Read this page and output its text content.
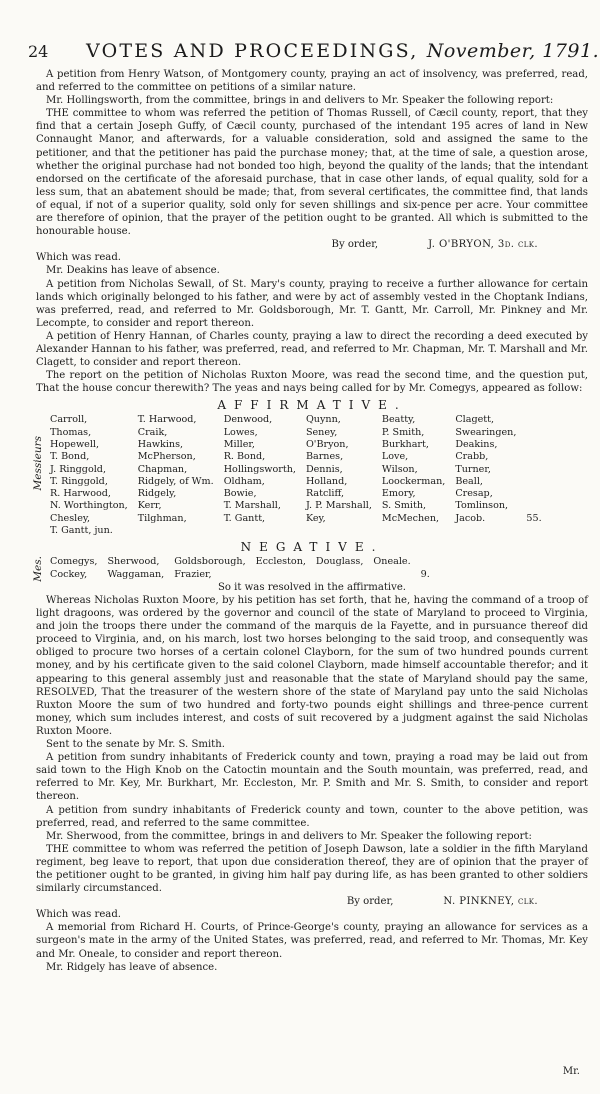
24 VOTES AND PROCEEDINGS, November, 1791.

A petition from Henry Watson, of Montgomery county, praying an act of insolvency, was preferred, read, and referred to the committee on petitions of a similar nature.

Mr. Hollingsworth, from the committee, brings in and delivers to Mr. Speaker the following report:

THE committee to whom was referred the petition of Thomas Russell, of Cæcil county, report, that they find that a certain Joseph Guffy, of Cæcil county, purchased of the intendant 195 acres of land in New Connaught Manor, and afterwards, for a valuable consideration, sold and assigned the same to the petitioner, and that the petitioner has paid the purchase money; that, at the time of sale, a question arose, whether the original purchase had not bonded too high, beyond the quality of the lands; that the intendant endorsed on the certificate of the aforesaid purchase, that in case other lands, of equal quality, sold for a less sum, that an abatement should be made; that, from several certificates, the committee find, that lands of equal, if not of a superior quality, sold only for seven shillings and six-pence per acre. Your committee are therefore of opinion, that the prayer of the petition ought to be granted. All which is submitted to the honourable house.

By order,	J. O'BRYON, 3d. clk.

Which was read.

Mr. Deakins has leave of absence.

A petition from Nicholas Sewall, of St. Mary's county, praying to receive a further allowance for certain lands which originally belonged to his father, and were by act of assembly vested in the Choptank Indians, was preferred, read, and referred to Mr. Goldsborough, Mr. T. Gantt, Mr. Carroll, Mr. Pinkney and Mr. Lecompte, to consider and report thereon.

A petition of Henry Hannan, of Charles county, praying a law to direct the recording a deed executed by Alexander Hannan to his father, was preferred, read, and referred to Mr. Chapman, Mr. T. Marshall and Mr. Clagett, to consider and report thereon.

The report on the petition of Nicholas Ruxton Moore, was read the second time, and the question put, That the house concur therewith? The yeas and nays being called for by Mr. Comegys, appeared as follow:

AFFIRMATIVE.
Messieurs
Carroll,	T. Harwood,	Denwood,	Quynn,	Beatty,	Clagett,	
Thomas,	Craik,	Lowes,	Seney,	P. Smith,	Swearingen,	
Hopewell,	Hawkins,	Miller,	O'Bryon,	Burkhart,	Deakins,	
T. Bond,	McPherson,	R. Bond,	Barnes,	Love,	Crabb,	
J. Ringgold,	Chapman,	Hollingsworth,	Dennis,	Wilson,	Turner,	
T. Ringgold,	Ridgely, of Wm.	Oldham,	Holland,	Loockerman,	Beall,	
R. Harwood,	Ridgely,	Bowie,	Ratcliff,	Emory,	Cresap,	
N. Worthington,	Kerr,	T. Marshall,	J. P. Marshall,	S. Smith,	Tomlinson,	
Chesley,	Tilghman,	T. Gantt,	Key,	McMechen,	Jacob.	55.
T. Gantt, jun.						
NEGATIVE.
Mes. Comegys,	Sherwood,	Goldsborough,	Eccleston,	Douglass,	Oneale.	
Cockey,	Waggaman,	Frazier,				9.

So it was resolved in the affirmative.

Whereas Nicholas Ruxton Moore, by his petition has set forth, that he, having the command of a troop of light dragoons, was ordered by the governor and council of the state of Maryland to proceed to Virginia, and join the troops there under the command of the marquis de la Fayette, and in pursuance thereof did proceed to Virginia, and, on his march, lost two horses belonging to the said troop, and consequently was obliged to procure two horses of a certain colonel Clayborn, for the sum of two hundred pounds current money, and by his certificate given to the said colonel Clayborn, made himself accountable therefor; and it appearing to this general assembly just and reasonable that the state of Maryland should pay the same, RESOLVED, That the treasurer of the western shore of the state of Maryland pay unto the said Nicholas Ruxton Moore the sum of two hundred and forty-two pounds eight shillings and three-pence current money, which sum includes interest, and costs of suit recovered by a judgment against the said Nicholas Ruxton Moore.

Sent to the senate by Mr. S. Smith.

A petition from sundry inhabitants of Frederick county and town, praying a road may be laid out from said town to the High Knob on the Catoctin mountain and the South mountain, was preferred, read, and referred to Mr. Key, Mr. Burkhart, Mr. Eccleston, Mr. P. Smith and Mr. S. Smith, to consider and report thereon.

A petition from sundry inhabitants of Frederick county and town, counter to the above petition, was preferred, read, and referred to the same committee.

Mr. Sherwood, from the committee, brings in and delivers to Mr. Speaker the following report:

THE committee to whom was referred the petition of Joseph Dawson, late a soldier in the fifth Maryland regiment, beg leave to report, that upon due consideration thereof, they are of opinion that the prayer of the petitioner ought to be granted, in giving him half pay during life, as has been granted to other soldiers similarly circumstanced.

By order,	N. PINKNEY, clk.

Which was read.

A memorial from Richard H. Courts, of Prince-George's county, praying an allowance for services as a surgeon's mate in the army of the United States, was preferred, read, and referred to Mr. Thomas, Mr. Key and Mr. Oneale, to consider and report thereon.

Mr. Ridgely has leave of absence.

Mr.
